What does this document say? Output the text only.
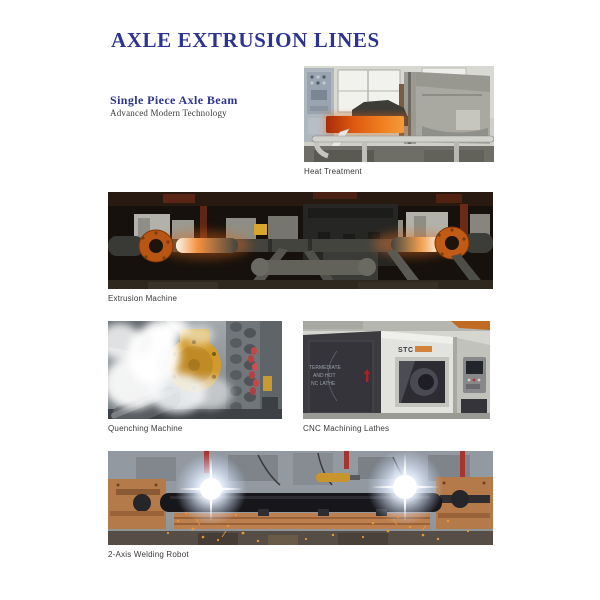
AXLE EXTRUSION LINES
Single Piece Axle Beam
Advanced Modern Technology
Heat Treatment
Extrusion Machine
Quenching Machine
TERMEDIATE
AND HOT
NC LATHE
STC
CNC Machining Lathes
2-Axis Welding Robot
